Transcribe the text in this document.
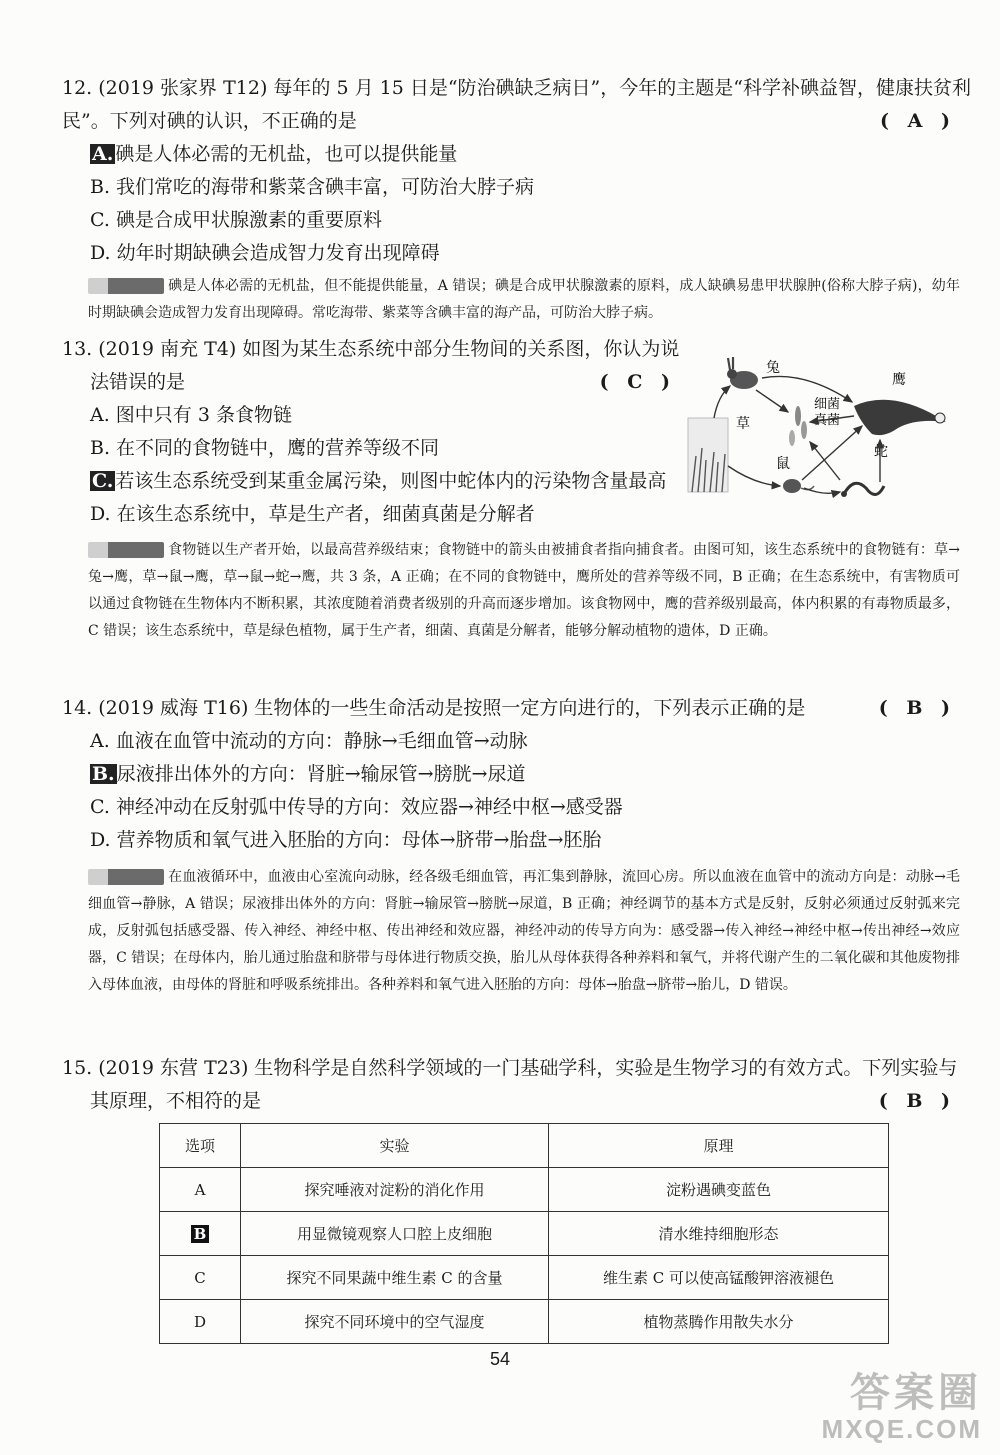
12. (2019 张家界 T12) 每年的 5 月 15 日是“防治碘缺乏病日”，今年的主题是“科学补碘益智，健康扶贫利
民”。下列对碘的认识，不正确的是	( A )
A. 碘是人体必需的无机盐，也可以提供能量
B. 我们常吃的海带和紫菜含碘丰富，可防治大脖子病
C. 碘是合成甲状腺激素的重要原料
D. 幼年时期缺碘会造成智力发育出现障碍
碘是人体必需的无机盐，但不能提供能量，A 错误；碘是合成甲状腺激素的原料，成人缺碘易患甲状腺肿(俗称大脖子病)，幼年时期缺碘会造成智力发育出现障碍。常吃海带、紫菜等含碘丰富的海产品，可防治大脖子病。
13. (2019 南充 T4) 如图为某生态系统中部分生物间的关系图，你认为说
法错误的是	( C )
A. 图中只有 3 条食物链
B. 在不同的食物链中，鹰的营养等级不同
C. 若该生态系统受到某重金属污染，则图中蛇体内的污染物含量最高
D. 在该生态系统中，草是生产者，细菌真菌是分解者
草
兔
鹰
细菌
真菌
鼠
蛇
食物链以生产者开始，以最高营养级结束；食物链中的箭头由被捕食者指向捕食者。由图可知，该生态系统中的食物链有：草→兔→鹰，草→鼠→鹰，草→鼠→蛇→鹰，共 3 条，A 正确；在不同的食物链中，鹰所处的营养等级不同，B 正确；在生态系统中，有害物质可以通过食物链在生物体内不断积累，其浓度随着消费者级别的升高而逐步增加。该食物网中，鹰的营养级别最高，体内积累的有毒物质最多，C 错误；该生态系统中，草是绿色植物，属于生产者，细菌、真菌是分解者，能够分解动植物的遗体，D 正确。
14. (2019 威海 T16) 生物体的一些生命活动是按照一定方向进行的，下列表示正确的是	( B )
A. 血液在血管中流动的方向：静脉→毛细血管→动脉
B. 尿液排出体外的方向：肾脏→输尿管→膀胱→尿道
C. 神经冲动在反射弧中传导的方向：效应器→神经中枢→感受器
D. 营养物质和氧气进入胚胎的方向：母体→脐带→胎盘→胚胎
在血液循环中，血液由心室流向动脉，经各级毛细血管，再汇集到静脉，流回心房。所以血液在血管中的流动方向是：动脉→毛细血管→静脉，A 错误；尿液排出体外的方向：肾脏→输尿管→膀胱→尿道，B 正确；神经调节的基本方式是反射，反射必须通过反射弧来完成，反射弧包括感受器、传入神经、神经中枢、传出神经和效应器，神经冲动的传导方向为：感受器→传入神经→神经中枢→传出神经→效应器，C 错误；在母体内，胎儿通过胎盘和脐带与母体进行物质交换，胎儿从母体获得各种养料和氧气，并将代谢产生的二氧化碳和其他废物排入母体血液，由母体的肾脏和呼吸系统排出。各种养料和氧气进入胚胎的方向：母体→胎盘→脐带→胎儿，D 错误。
15. (2019 东营 T23) 生物科学是自然科学领域的一门基础学科，实验是生物学习的有效方式。下列实验与
其原理，不相符的是	( B )
选项	实验	原理
A	探究唾液对淀粉的消化作用	淀粉遇碘变蓝色
B	用显微镜观察人口腔上皮细胞	清水维持细胞形态
C	探究不同果蔬中维生素 C 的含量	维生素 C 可以使高锰酸钾溶液褪色
D	探究不同环境中的空气湿度	植物蒸腾作用散失水分
54
答案圈
MXQE.COM
